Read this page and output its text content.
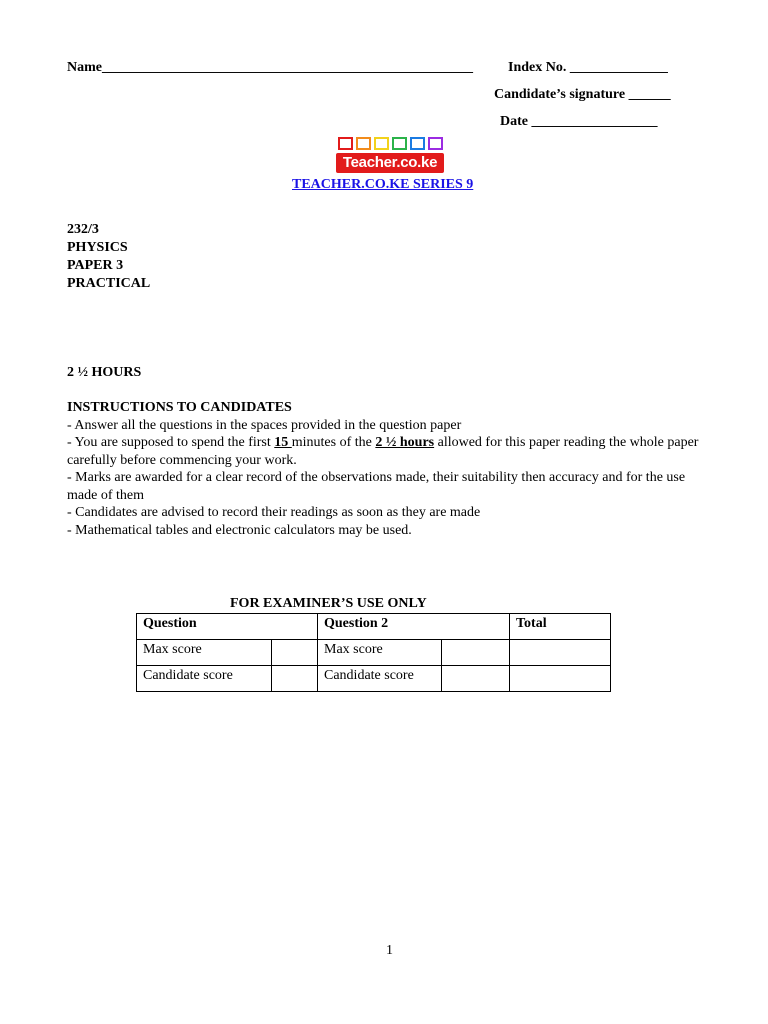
Name_____________________________________________________	Index No. ______________
Candidate’s signature ______
Date __________________
Teacher.co.ke
TEACHER.CO.KE SERIES 9
232/3
PHYSICS
PAPER 3
PRACTICAL
2 ½ HOURS

INSTRUCTIONS TO CANDIDATES

- Answer all the questions in the spaces provided in the question paper

- You are supposed to spend the first 15 minutes of the 2 ½ hours allowed for this paper reading the whole paper carefully before commencing your work.

- Marks are awarded for a clear record of the observations made, their suitability then accuracy and for the use made of them

- Candidates are advised to record their readings as soon as they are made

- Mathematical tables and electronic calculators may be used.

FOR EXAMINER’S USE ONLY
Question		Question 2		Total
Max score		Max score		
Candidate score		Candidate score		
1
